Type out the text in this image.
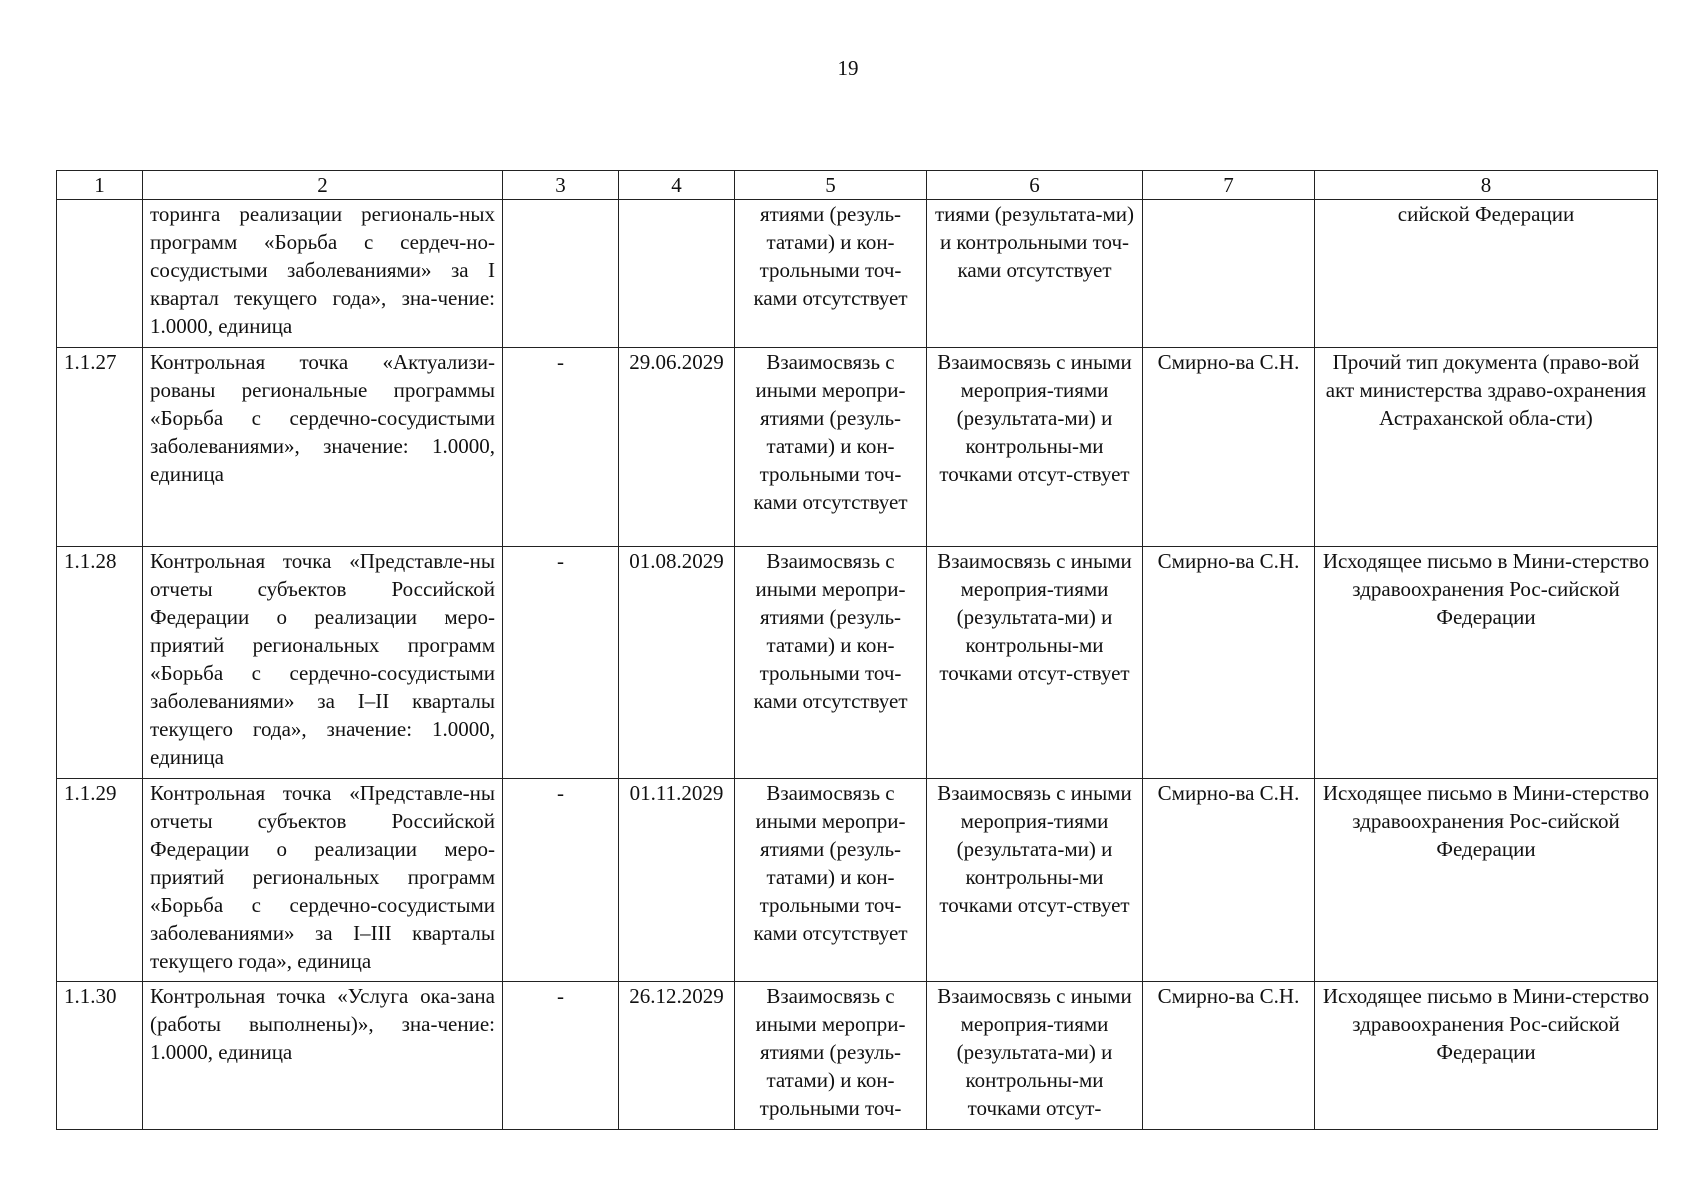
19
1	2	3	4	5	6	7	8
	торинга реализации региональ-ных программ «Борьба с сердеч-но-сосудистыми заболеваниями» за I квартал текущего года», зна-чение: 1.0000, единица			ятиями (резуль-татами) и кон-трольными точ-ками отсутствует	тиями (результата-ми) и контрольными точ-ками отсутствует		сийской Федерации
1.1.27	Контрольная точка «Актуализи-рованы региональные программы «Борьба с сердечно-сосудистыми заболеваниями», значение: 1.0000, единица	-	29.06.2029	Взаимосвязь с иными меропри-ятиями (резуль-татами) и кон-трольными точ-ками отсутствует	Взаимосвязь с иными мероприя-тиями (результата-ми) и контрольны-ми точками отсут-ствует	Смирно-ва С.Н.	Прочий тип документа (право-вой акт министерства здраво-охранения Астраханской обла-сти)
1.1.28	Контрольная точка «Представле-ны отчеты субъектов Российской Федерации о реализации меро-приятий региональных программ «Борьба с сердечно-сосудистыми заболеваниями» за I–II кварталы текущего года», значение: 1.0000, единица	-	01.08.2029	Взаимосвязь с иными меропри-ятиями (резуль-татами) и кон-трольными точ-ками отсутствует	Взаимосвязь с иными мероприя-тиями (результата-ми) и контрольны-ми точками отсут-ствует	Смирно-ва С.Н.	Исходящее письмо в Мини-стерство здравоохранения Рос-сийской Федерации
1.1.29	Контрольная точка «Представле-ны отчеты субъектов Российской Федерации о реализации меро-приятий региональных программ «Борьба с сердечно-сосудистыми заболеваниями» за I–III кварталы текущего года», единица	-	01.11.2029	Взаимосвязь с иными меропри-ятиями (резуль-татами) и кон-трольными точ-ками отсутствует	Взаимосвязь с иными мероприя-тиями (результата-ми) и контрольны-ми точками отсут-ствует	Смирно-ва С.Н.	Исходящее письмо в Мини-стерство здравоохранения Рос-сийской Федерации
1.1.30	Контрольная точка «Услуга ока-зана (работы выполнены)», зна-чение: 1.0000, единица	-	26.12.2029	Взаимосвязь с иными меропри-ятиями (резуль-татами) и кон-трольными точ-	Взаимосвязь с иными мероприя-тиями (результата-ми) и контрольны-ми точками отсут-	Смирно-ва С.Н.	Исходящее письмо в Мини-стерство здравоохранения Рос-сийской Федерации
